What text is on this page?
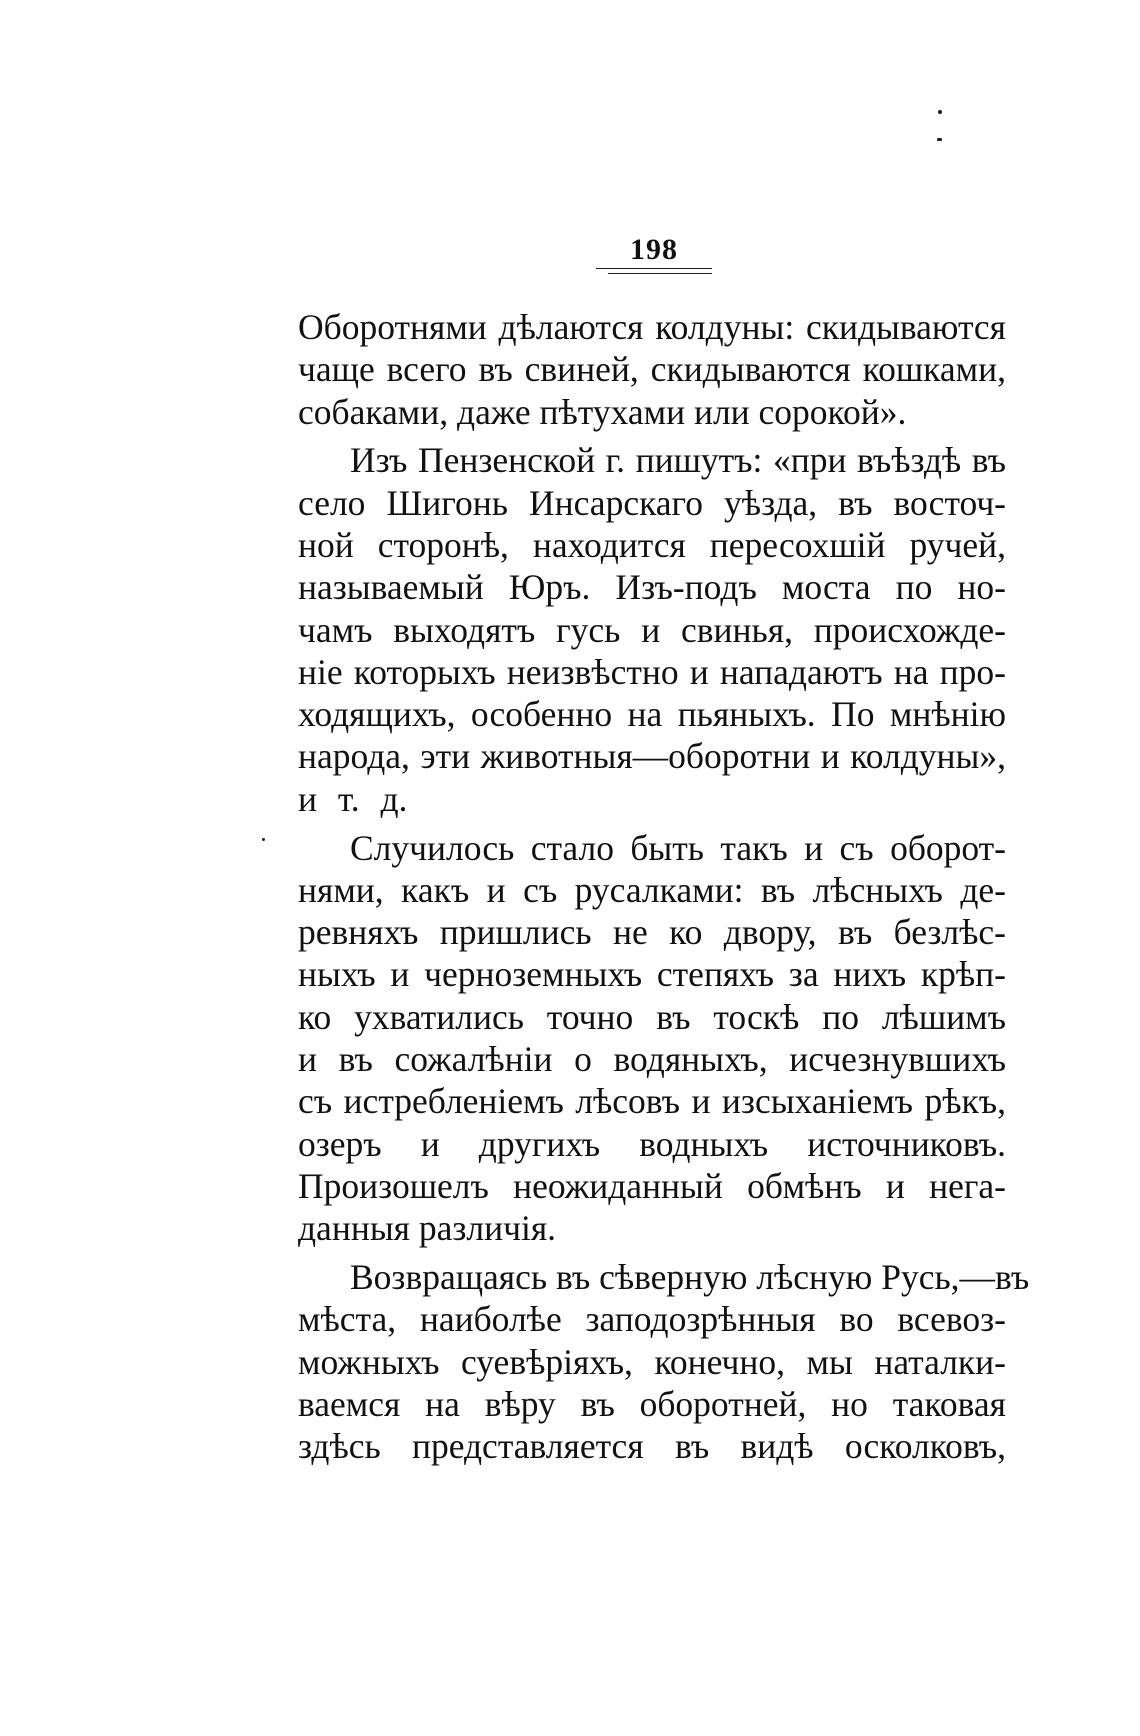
198
Оборотнями дѣлаются колдуны: скидываются
чаще всего въ свиней, скидываются кошками,
собаками, даже пѣтухами или сорокой».
Изъ Пензенской г. пишутъ: «при въѣздѣ въ
село Шигонь Инсарскаго уѣзда, въ восточ-
ной сторонѣ, находится пересохшій ручей,
называемый Юръ. Изъ-подъ моста по но-
чамъ выходятъ гусь и свинья, происхожде-
ніе которыхъ неизвѣстно и нападаютъ на про-
ходящихъ, особенно на пьяныхъ. По мнѣнію
народа, эти животныя—оборотни и колдуны»,
и т. д.
Случилось стало быть такъ и съ оборот-
нями, какъ и съ русалками: въ лѣсныхъ де-
ревняхъ пришлись не ко двору, въ безлѣс-
ныхъ и черноземныхъ степяхъ за нихъ крѣп-
ко ухватились точно въ тоскѣ по лѣшимъ
и въ сожалѣніи о водяныхъ, исчезнувшихъ
съ истребленіемъ лѣсовъ и изсыханіемъ рѣкъ,
озеръ и другихъ водныхъ источниковъ.
Произошелъ неожиданный обмѣнъ и нега-
данныя различія.
Возвращаясь въ сѣверную лѣсную Русь,—въ
мѣста, наиболѣе заподозрѣнныя во всевоз-
можныхъ суевѣріяхъ, конечно, мы наталки-
ваемся на вѣру въ оборотней, но таковая
здѣсь представляется въ видѣ осколковъ,
